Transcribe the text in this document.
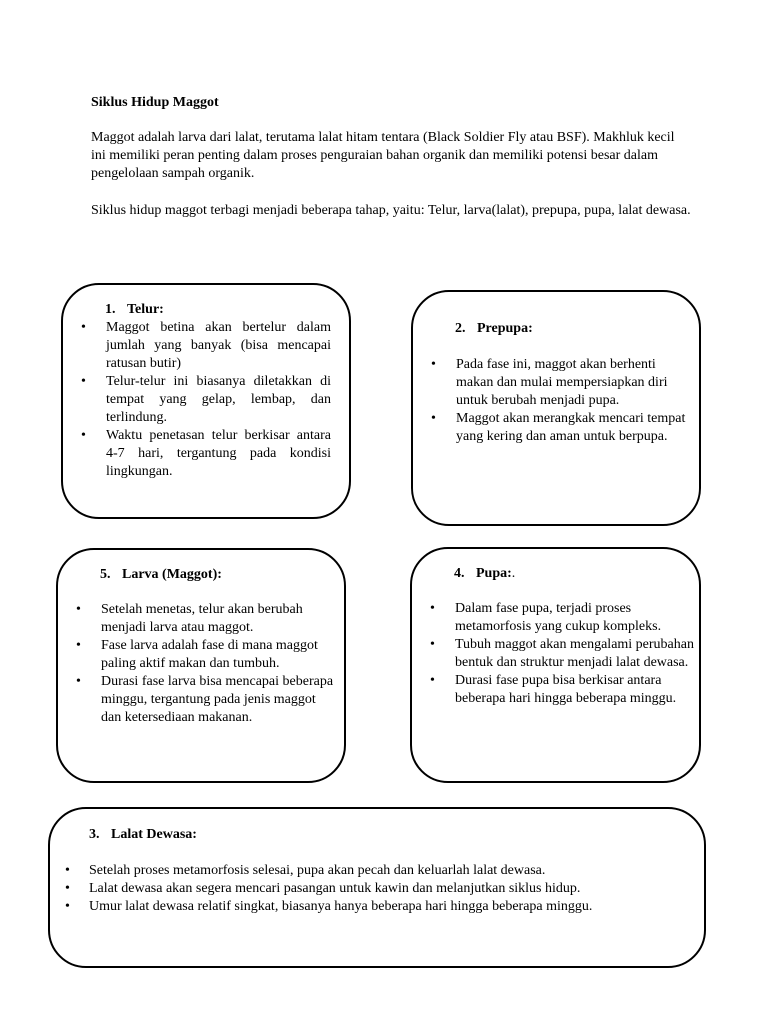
Siklus Hidup Maggot
Maggot adalah larva dari lalat, terutama lalat hitam tentara (Black Soldier Fly atau BSF). Makhluk kecil ini memiliki peran penting dalam proses penguraian bahan organik dan memiliki potensi besar dalam pengelolaan sampah organik.
Siklus hidup maggot terbagi menjadi beberapa tahap, yaitu: Telur, larva(lalat), prepupa, pupa, lalat dewasa.
1. Telur:
• Maggot betina akan bertelur dalam jumlah yang banyak (bisa mencapai ratusan butir)
• Telur-telur ini biasanya diletakkan di tempat yang gelap, lembap, dan terlindung.
• Waktu penetasan telur berkisar antara 4-7 hari, tergantung pada kondisi lingkungan.
2. Prepupa:
• Pada fase ini, maggot akan berhenti makan dan mulai mempersiapkan diri untuk berubah menjadi pupa.
• Maggot akan merangkak mencari tempat yang kering dan aman untuk berpupa.
5. Larva (Maggot):
• Setelah menetas, telur akan berubah menjadi larva atau maggot.
• Fase larva adalah fase di mana maggot paling aktif makan dan tumbuh.
• Durasi fase larva bisa mencapai beberapa minggu, tergantung pada jenis maggot dan ketersediaan makanan.
4. Pupa:.
• Dalam fase pupa, terjadi proses metamorfosis yang cukup kompleks.
• Tubuh maggot akan mengalami perubahan bentuk dan struktur menjadi lalat dewasa.
• Durasi fase pupa bisa berkisar antara beberapa hari hingga beberapa minggu.
3. Lalat Dewasa:
• Setelah proses metamorfosis selesai, pupa akan pecah dan keluarlah lalat dewasa.
• Lalat dewasa akan segera mencari pasangan untuk kawin dan melanjutkan siklus hidup.
• Umur lalat dewasa relatif singkat, biasanya hanya beberapa hari hingga beberapa minggu.
